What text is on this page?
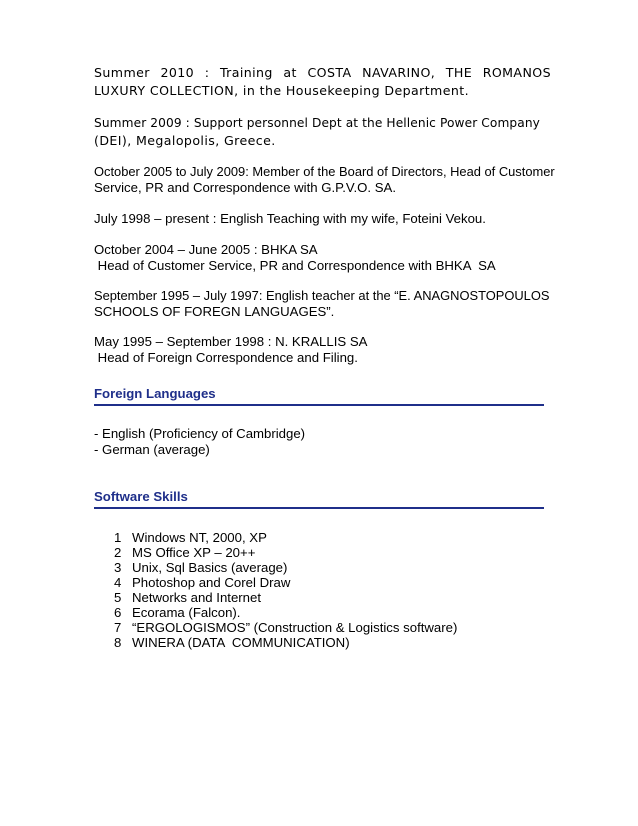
Summer 2010 : Training at COSTA NAVARINO, THE ROMANOS
LUXURY COLLECTION, in the Housekeeping Department.

Summer 2009 : Support personnel Dept at the Hellenic Power Company
(DEI), Megalopolis, Greece.

October 2005 to July 2009: Member of the Board of Directors, Head of Customer
Service, PR and Correspondence with G.P.V.O. SA.

July 1998 – present : English Teaching with my wife, Foteini Vekou.

October 2004 – June 2005 : BHKA SA
Head of Customer Service, PR and Correspondence with BHKA  SA

September 1995 – July 1997: English teacher at the “E. ANAGNOSTOPOULOS
SCHOOLS OF FOREGN LANGUAGES”.

May 1995 – September 1998 : N. KRALLIS SA
Head of Foreign Correspondence and Filing.

Foreign Languages

- English (Proficiency of Cambridge)

- German (average)

Software Skills
1 Windows NT, 2000, XP
2 MS Office XP – 20++
3 Unix, Sql Basics (average)
4 Photoshop and Corel Draw
5 Networks and Internet
6 Ecorama (Falcon).
7 “ERGOLOGISMOS” (Construction & Logistics software)
8 WINERA (DATA  COMMUNICATION)
